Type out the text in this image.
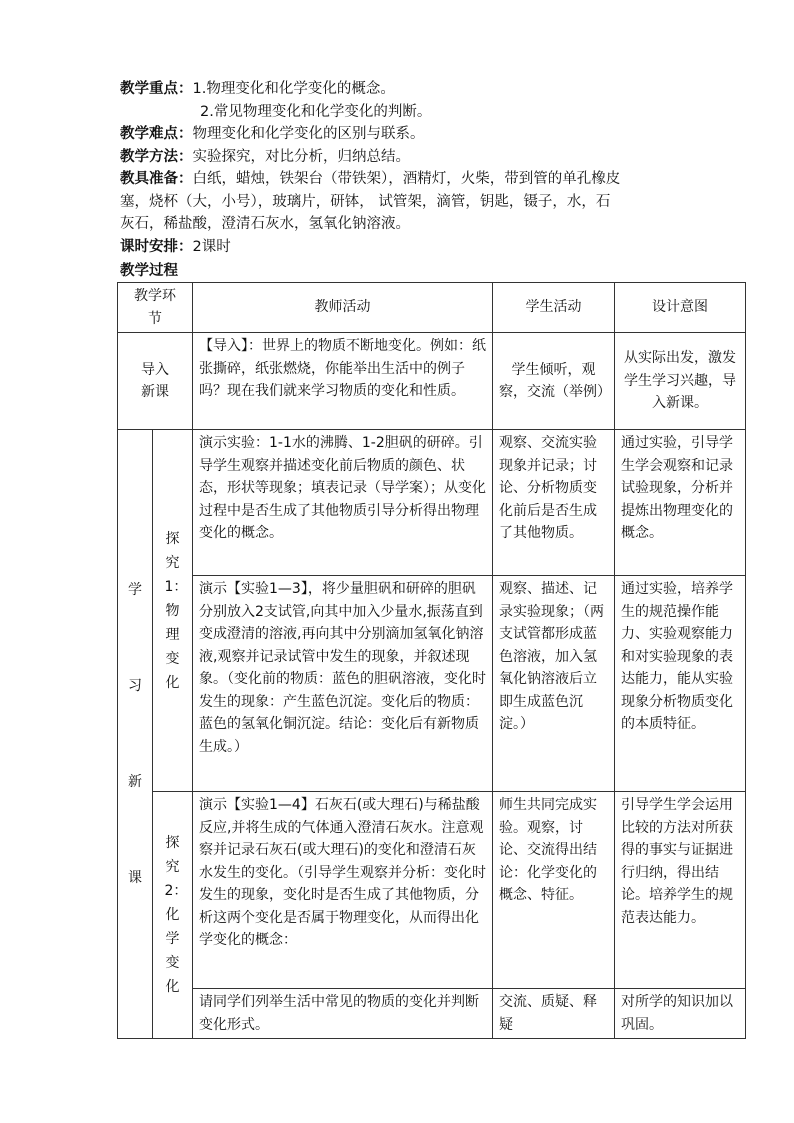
教学重点：1.物理变化和化学变化的概念。
2.常见物理变化和化学变化的判断。
教学难点：物理变化和化学变化的区别与联系。
教学方法：实验探究，对比分析，归纳总结。
教具准备：白纸，蜡烛，铁架台（带铁架），酒精灯，火柴，带到管的单孔橡皮
塞，烧杯（大，小号），玻璃片，研钵， 试管架，滴管，钥匙，镊子，水，石
灰石，稀盐酸，澄清石灰水，氢氧化钠溶液。
课时安排：2课时
教学过程
教学环节		教师活动	学生活动	设计意图
导入新课		【导入】：世界上的物质不断地变化。例如：纸张撕碎，纸张燃烧，你能举出生活中的例子吗？现在我们就来学习物质的变化和性质。	学生倾听，观察，交流（举例）	从实际出发，激发学生学习兴趣，导入新课。
学习新课	探究1：物理变化	演示实验：1-1水的沸腾、1-2胆矾的研碎。引导学生观察并描述变化前后物质的颜色、状态，形状等现象；填表记录（导学案）；从变化过程中是否生成了其他物质引导分析得出物理变化的概念。	观察、交流实验现象并记录；讨论、分析物质变化前后是否生成了其他物质。	通过实验，引导学生学会观察和记录试验现象，分析并提炼出物理变化的概念。
		演示【实验1—3】，将少量胆矾和研碎的胆矾分别放入2支试管,向其中加入少量水,振荡直到变成澄清的溶液,再向其中分别滴加氢氧化钠溶液,观察并记录试管中发生的现象，并叙述现象。（变化前的物质：蓝色的胆矾溶液，变化时发生的现象：产生蓝色沉淀。变化后的物质：蓝色的氢氧化铜沉淀。结论：变化后有新物质生成。）	观察、描述、记录实验现象；（两支试管都形成蓝色溶液，加入氢氧化钠溶液后立即生成蓝色沉淀。）	通过实验，培养学生的规范操作能力、实验观察能力和对实验现象的表达能力，能从实验现象分析物质变化的本质特征。
	探究2：化学变化	演示【实验1—4】石灰石(或大理石)与稀盐酸反应,并将生成的气体通入澄清石灰水。注意观察并记录石灰石(或大理石)的变化和澄清石灰水发生的变化。（引导学生观察并分析：变化时发生的现象，变化时是否生成了其他物质，分析这两个变化是否属于物理变化，从而得出化学变化的概念：	师生共同完成实验。观察，讨论、交流得出结论：化学变化的概念、特征。	引导学生学会运用比较的方法对所获得的事实与证据进行归纳，得出结论。培养学生的规范表达能力。
		请同学们列举生活中常见的物质的变化并判断变化形式。	交流、质疑、释疑	对所学的知识加以巩固。
